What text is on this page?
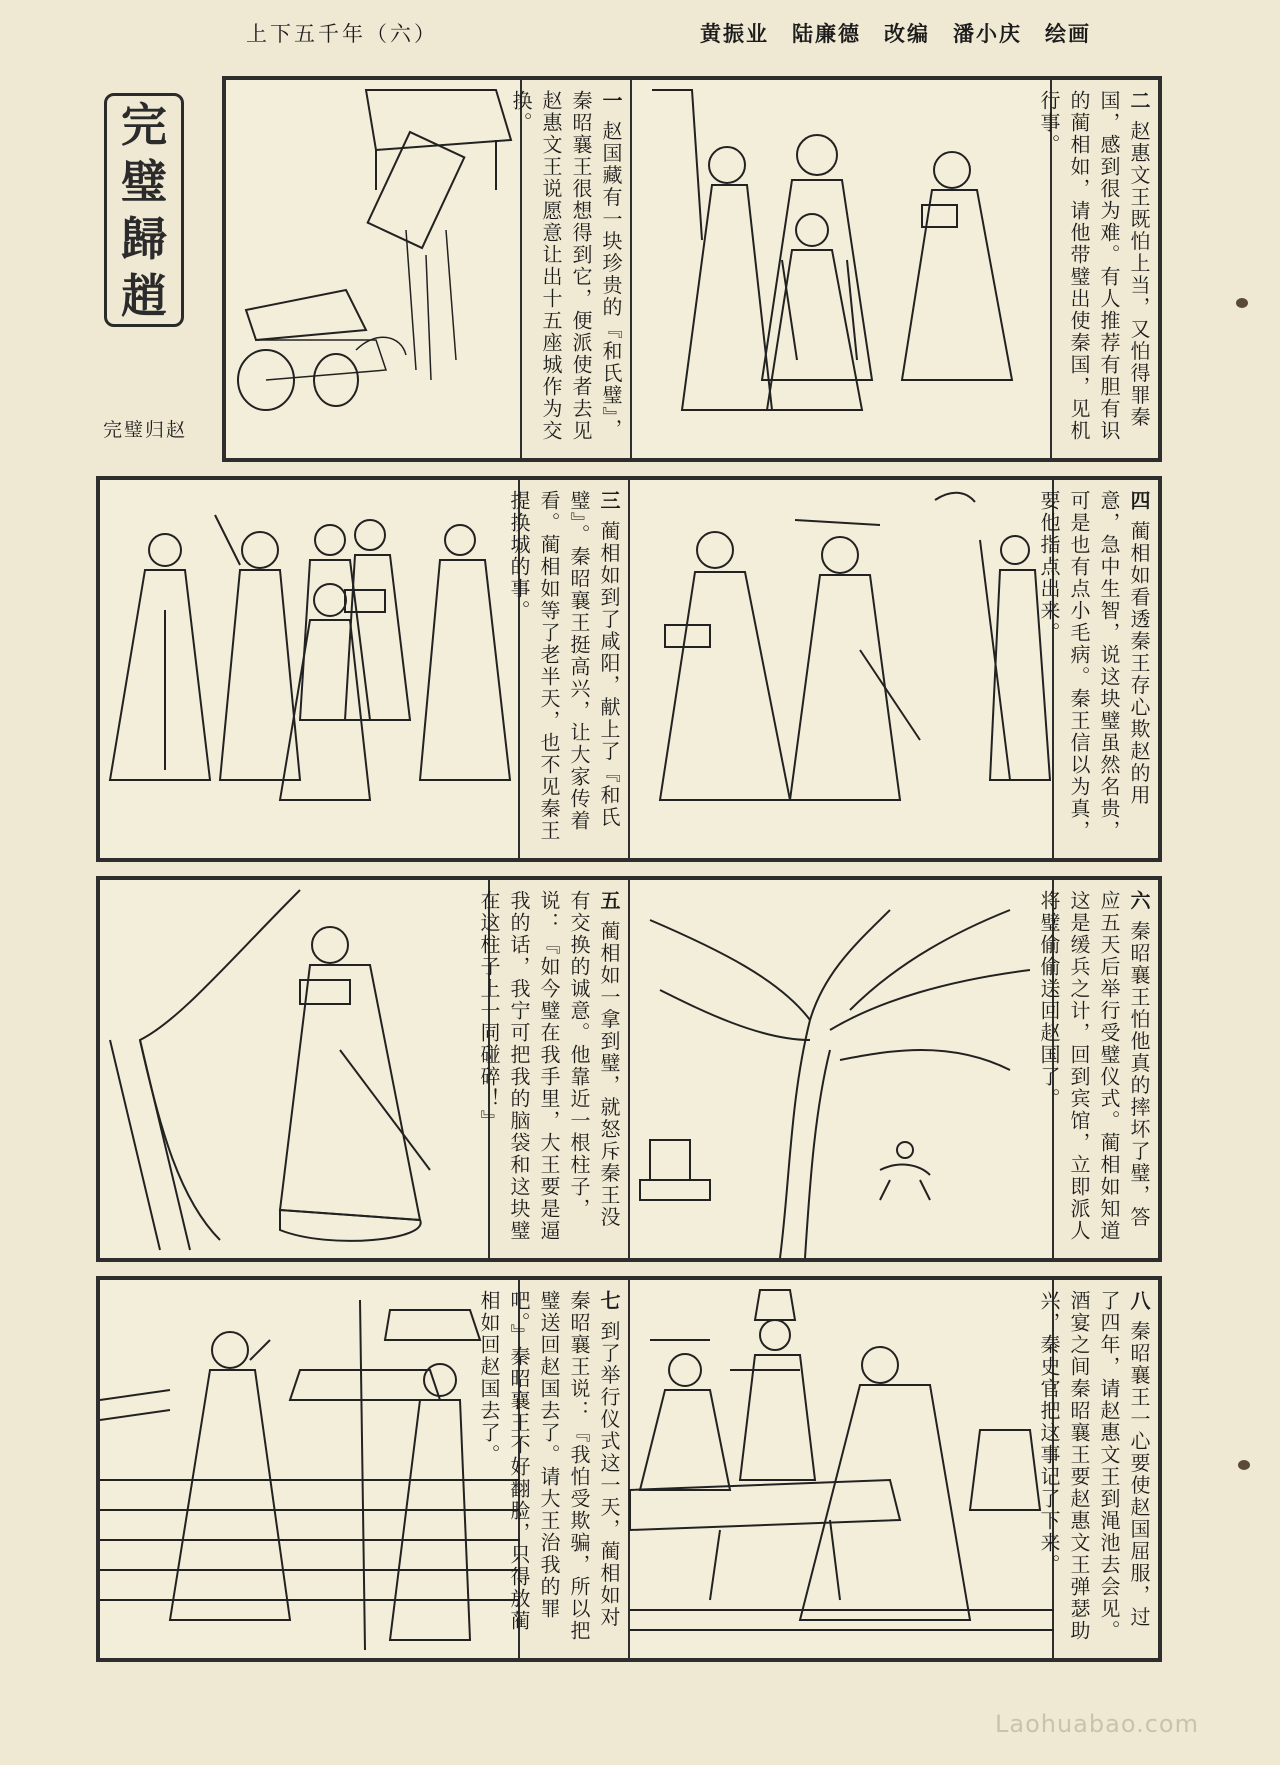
上下五千年（六）	黄振业　陆廉德　改编　潘小庆　绘画
完
璧
歸
趙
完璧归赵
一 赵国藏有一块珍贵的『和氏璧』，秦昭襄王很想得到它，便派使者去见赵惠文王说愿意让出十五座城作为交换。	二 赵惠文王既怕上当，又怕得罪秦国，感到很为难。有人推荐有胆有识的蔺相如，请他带璧出使秦国，见机行事。
三 蔺相如到了咸阳，献上了『和氏璧』。秦昭襄王挺高兴，让大家传着看。蔺相如等了老半天，也不见秦王提换城的事。	四 蔺相如看透秦王存心欺赵的用意，急中生智，说这块璧虽然名贵，可是也有点小毛病。秦王信以为真，要他指点出来。
五 蔺相如一拿到璧，就怒斥秦王没有交换的诚意。他靠近一根柱子，说：『如今璧在我手里，大王要是逼我的话，我宁可把我的脑袋和这块璧在这柱子上一同碰碎！』	六 秦昭襄王怕他真的摔坏了璧，答应五天后举行受璧仪式。蔺相如知道这是缓兵之计，回到宾馆，立即派人将璧偷偷送回赵国了。
七 到了举行仪式这一天，蔺相如对秦昭襄王说：『我怕受欺骗，所以把璧送回赵国去了。请大王治我的罪吧。』秦昭襄王不好翻脸，只得放蔺相如回赵国去了。	八 秦昭襄王一心要使赵国屈服，过了四年，请赵惠文王到渑池去会见。酒宴之间秦昭襄王要赵惠文王弹瑟助兴，秦史官把这事记了下来。
Laohuabao.com
